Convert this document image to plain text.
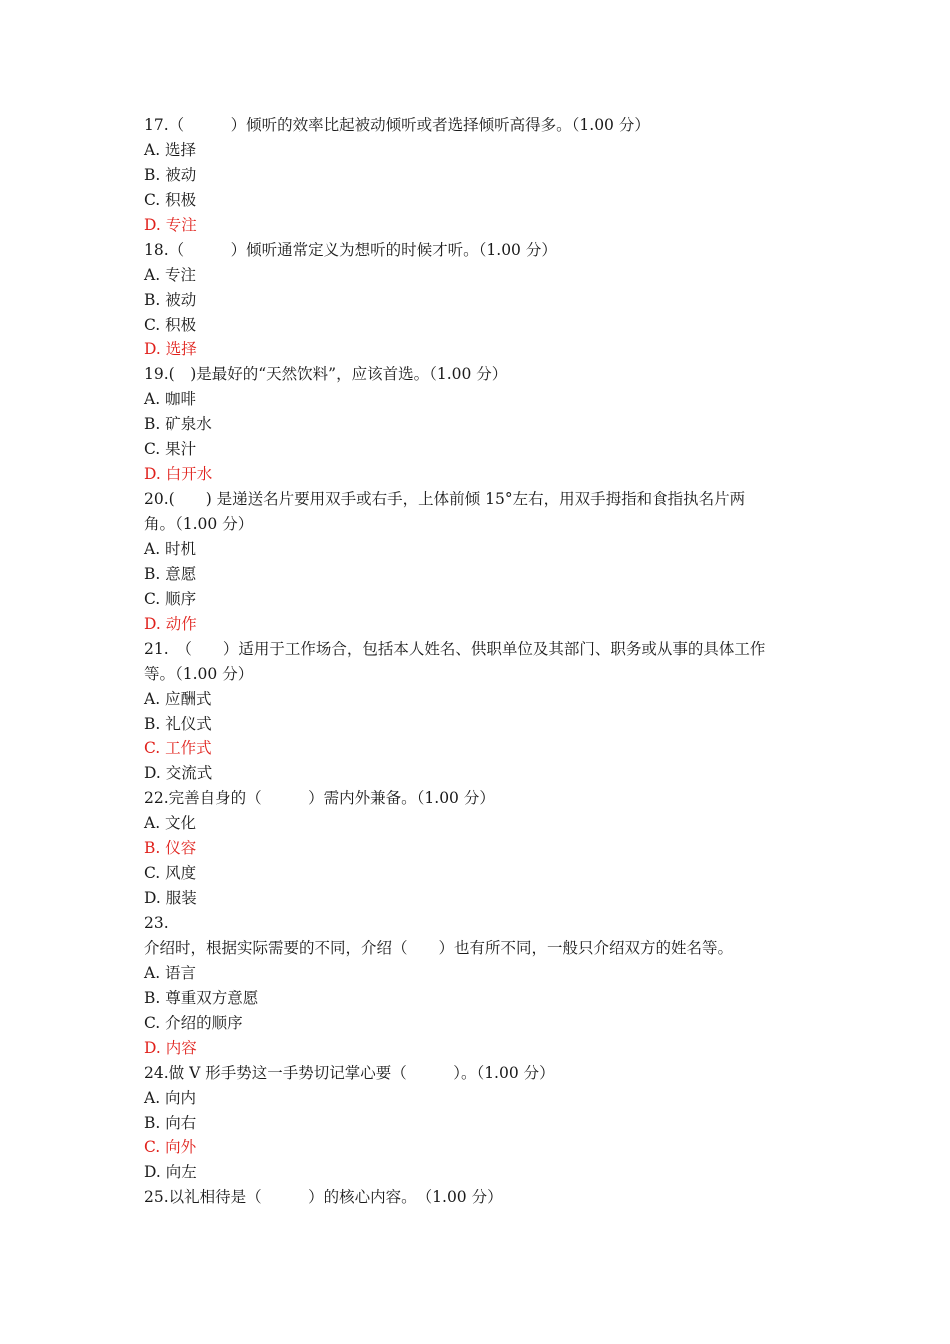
17.（　　　）倾听的效率比起被动倾听或者选择倾听高得多。（1.00 分）
A. 选择
B. 被动
C. 积极
D. 专注
18.（　　　）倾听通常定义为想听的时候才听。（1.00 分）
A. 专注
B. 被动
C. 积极
D. 选择
19.(　)是最好的“天然饮料”，应该首选。（1.00 分）
A. 咖啡
B. 矿泉水
C. 果汁
D. 白开水
20.(　　) 是递送名片要用双手或右手，上体前倾 15°左右，用双手拇指和食指执名片两
角。（1.00 分）
A. 时机
B. 意愿
C. 顺序
D. 动作
21.　（　　）适用于工作场合，包括本人姓名、供职单位及其部门、职务或从事的具体工作
等。（1.00 分）
A. 应酬式
B. 礼仪式
C. 工作式
D. 交流式
22.完善自身的（　　　）需内外兼备。（1.00 分）
A. 文化
B. 仪容
C. 风度
D. 服装
23.
介绍时，根据实际需要的不同，介绍（　　）也有所不同，一般只介绍双方的姓名等。
A. 语言
B. 尊重双方意愿
C. 介绍的顺序
D. 内容
24.做 V 形手势这一手势切记掌心要（　　　）。（1.00 分）
A. 向内
B. 向右
C. 向外
D. 向左
25.以礼相待是（　　　）的核心内容。　（1.00 分）
